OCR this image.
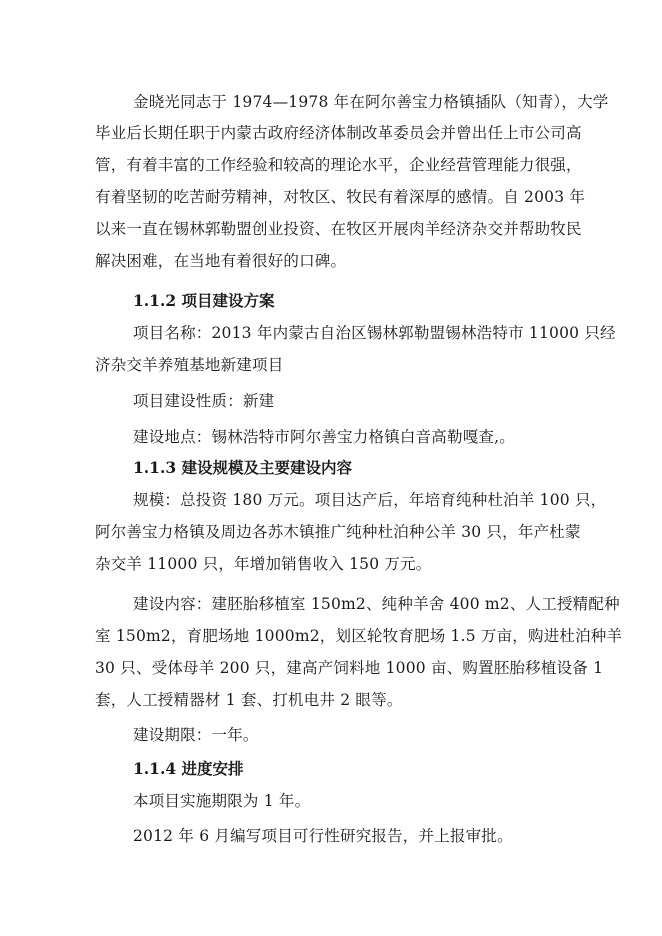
金晓光同志于 1974—1978 年在阿尔善宝力格镇插队（知青），大学
毕业后长期任职于内蒙古政府经济体制改革委员会并曾出任上市公司高
管，有着丰富的工作经验和较高的理论水平，企业经营管理能力很强，
有着坚韧的吃苦耐劳精神，对牧区、牧民有着深厚的感情。自 2003 年
以来一直在锡林郭勒盟创业投资、在牧区开展肉羊经济杂交并帮助牧民
解决困难，在当地有着很好的口碑。
1.1.2 项目建设方案
项目名称：2013 年内蒙古自治区锡林郭勒盟锡林浩特市 11000 只经
济杂交羊养殖基地新建项目
项目建设性质：新建
建设地点：锡林浩特市阿尔善宝力格镇白音高勒嘎查,。
1.1.3 建设规模及主要建设内容
规模：总投资 180 万元。项目达产后，年培育纯种杜泊羊 100 只，
阿尔善宝力格镇及周边各苏木镇推广纯种杜泊种公羊 30 只，年产杜蒙
杂交羊 11000 只，年增加销售收入 150 万元。
建设内容：建胚胎移植室 150m2、纯种羊舍 400 m2、人工授精配种
室 150m2，育肥场地 1000m2，划区轮牧育肥场 1.5 万亩，购进杜泊种羊
30 只、受体母羊 200 只，建高产饲料地 1000 亩、购置胚胎移植设备 1
套，人工授精器材 1 套、打机电井 2 眼等。
建设期限：一年。
1.1.4 进度安排
本项目实施期限为 1 年。
2012 年 6 月编写项目可行性研究报告，并上报审批。
